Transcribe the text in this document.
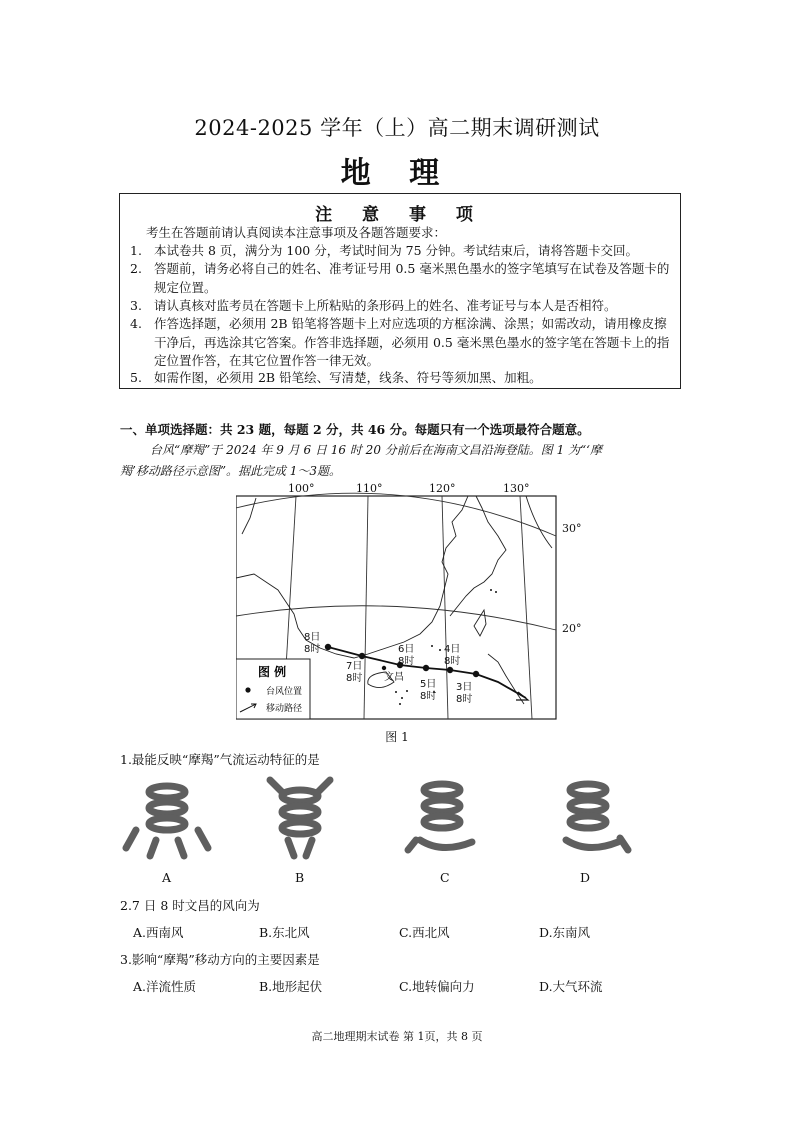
2024-2025 学年（上）高二期末调研测试
地 理
注 意 事 项
考生在答题前请认真阅读本注意事项及各题答题要求：
1. 本试卷共 8 页，满分为 100 分，考试时间为 75 分钟。考试结束后，请将答题卡交回。
2. 答题前，请务必将自己的姓名、准考证号用 0.5 毫米黑色墨水的签字笔填写在试卷及答题卡的规定位置。
3. 请认真核对监考员在答题卡上所粘贴的条形码上的姓名、准考证号与本人是否相符。
4. 作答选择题，必须用 2B 铅笔将答题卡上对应选项的方框涂满、涂黑；如需改动，请用橡皮擦干净后，再选涂其它答案。作答非选择题，必须用 0.5 毫米黑色墨水的签字笔在答题卡上的指定位置作答，在其它位置作答一律无效。
5. 如需作图，必须用 2B 铅笔绘、写清楚，线条、符号等须加黑、加粗。
一、单项选择题：共 23 题，每题 2 分，共 46 分。每题只有一个选项最符合题意。
台风“摩羯”于 2024 年 9 月 6 日 16 时 20 分前后在海南文昌沿海登陆。图 1 为“‘摩
羯’移动路径示意图”。据此完成 1～3题。
100°	110°	120°	130°
30°
20°
8日
8时
7日
8时
6日
8时
5日
8时
4日
8时
3日
8时
文昌
图 例
台风位置
移动路径
图 1
1.最能反映“摩羯”气流运动特征的是
A	B	C	D
2.7 日 8 时文昌的风向为
A.西南风	B.东北风	C.西北风	D.东南风
3.影响“摩羯”移动方向的主要因素是
A.洋流性质	B.地形起伏	C.地转偏向力	D.大气环流
高二地理期末试卷 第 1页，共 8 页
